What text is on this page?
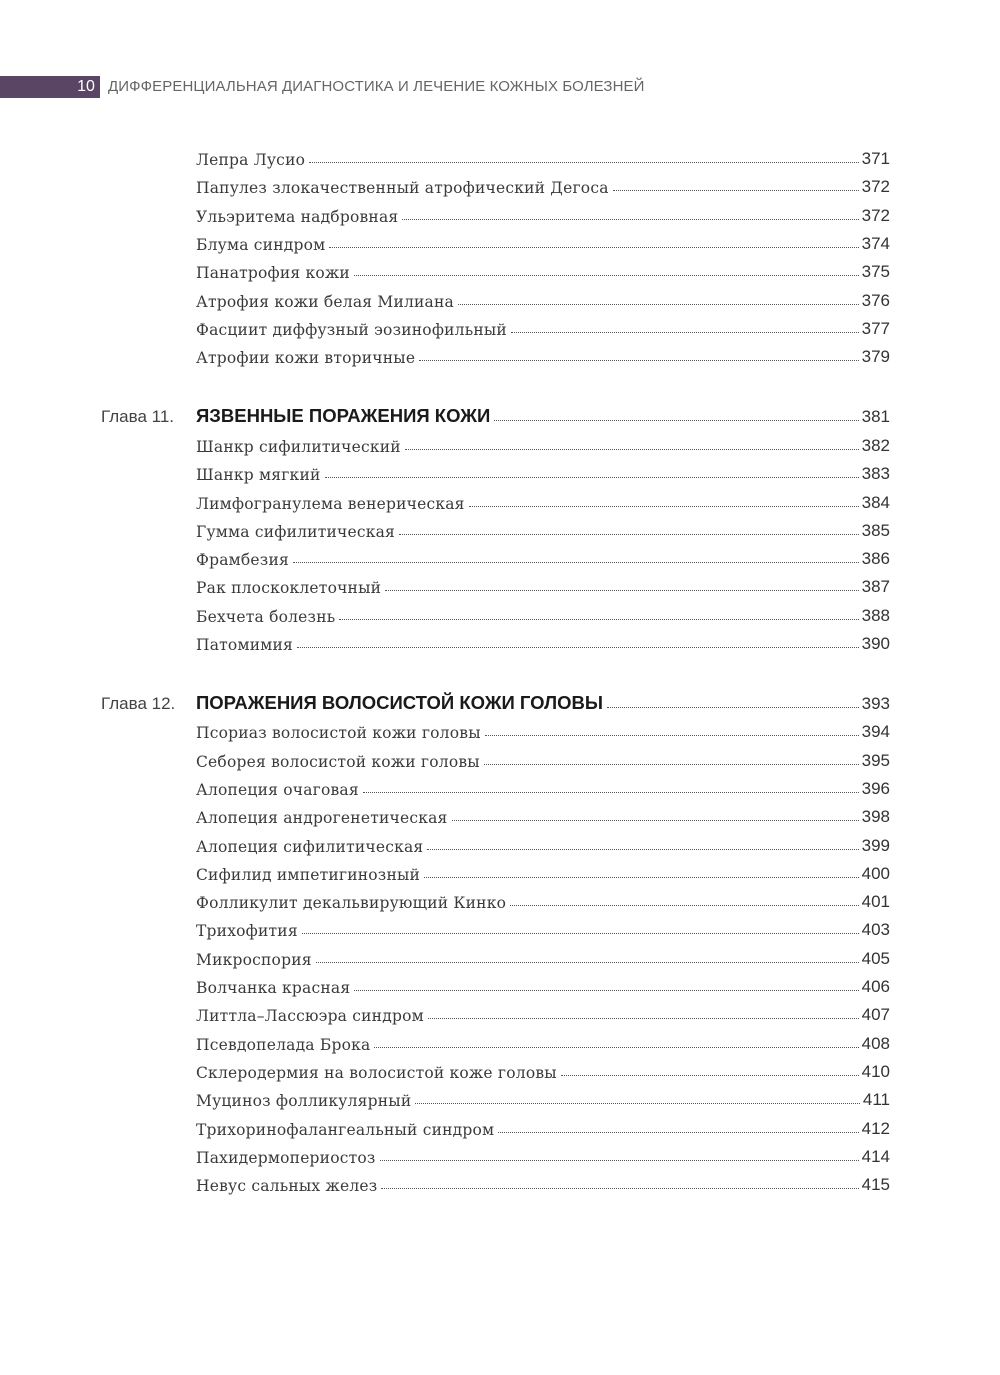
10 ДИФФЕРЕНЦИАЛЬНАЯ ДИАГНОСТИКА И ЛЕЧЕНИЕ КОЖНЫХ БОЛЕЗНЕЙ
Лепра Лусио	371
Папулез злокачественный атрофический Дегоса	372
Ульэритема надбровная	372
Блума синдром	374
Панатрофия кожи	375
Атрофия кожи белая Милиана	376
Фасциит диффузный эозинофильный	377
Атрофии кожи вторичные	379
Глава 11.	ЯЗВЕННЫЕ ПОРАЖЕНИЯ КОЖИ	381
Шанкр сифилитический	382
Шанкр мягкий	383
Лимфогранулема венерическая	384
Гумма сифилитическая	385
Фрамбезия	386
Рак плоскоклеточный	387
Бехчета болезнь	388
Патомимия	390
Глава 12.	ПОРАЖЕНИЯ ВОЛОСИСТОЙ КОЖИ ГОЛОВЫ	393
Псориаз волосистой кожи головы	394
Себорея волосистой кожи головы	395
Алопеция очаговая	396
Алопеция андрогенетическая	398
Алопеция сифилитическая	399
Сифилид импетигинозный	400
Фолликулит декальвирующий Кинко	401
Трихофития	403
Микроспория	405
Волчанка красная	406
Литтла–Лассюэра синдром	407
Псевдопелада Брока	408
Склеродермия на волосистой коже головы	410
Муциноз фолликулярный	411
Трихоринофалангеальный синдром	412
Пахидермопериостоз	414
Невус сальных желез	415
